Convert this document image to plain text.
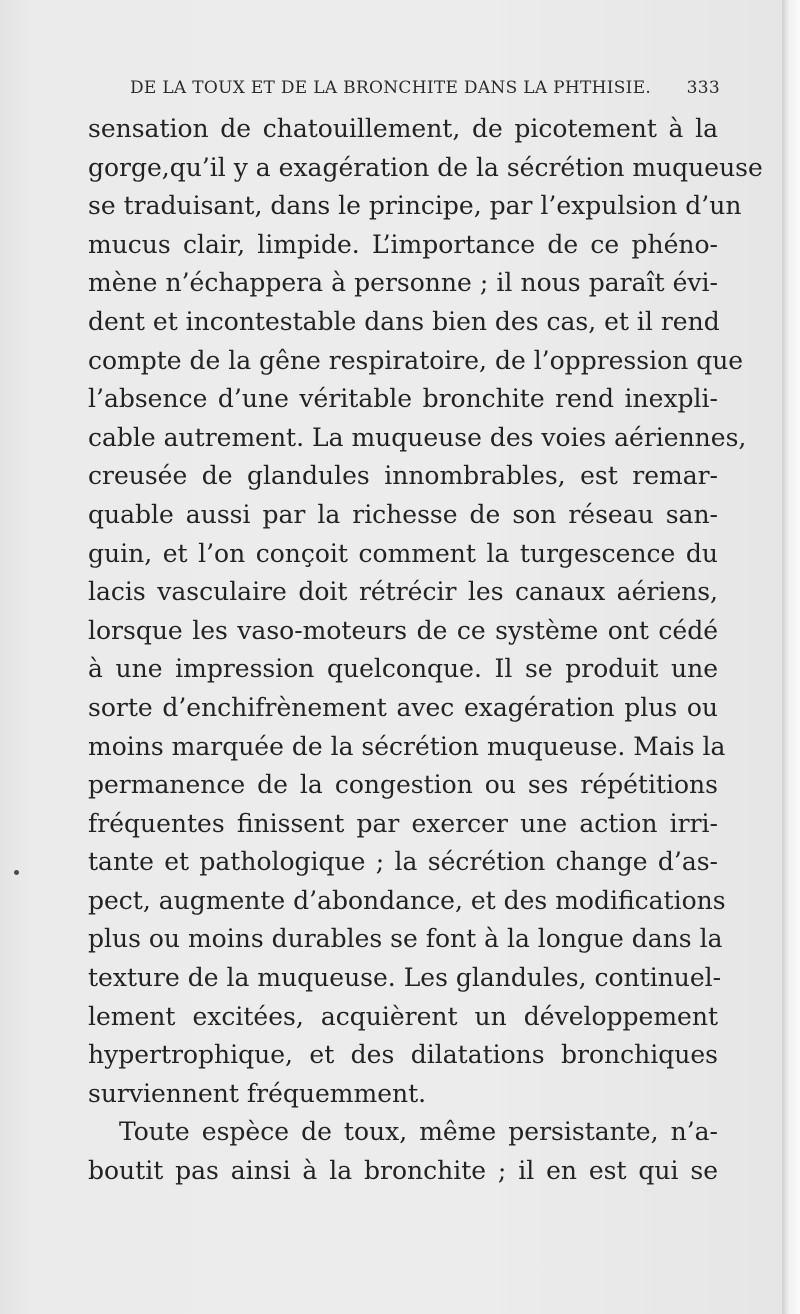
DE LA TOUX ET DE LA BRONCHITE DANS LA PHTHISIE. 333

sensation de chatouillement, de picotement à la
gorge,qu’il y a exagération de la sécrétion muqueuse
se traduisant, dans le principe, par l’expulsion d’un
mucus clair, limpide. L’importance de ce phéno-
mène n’échappera à personne ; il nous paraît évi-
dent et incontestable dans bien des cas, et il rend
compte de la gêne respiratoire, de l’oppression que
l’absence d’une véritable bronchite rend inexpli-
cable autrement. La muqueuse des voies aériennes,
creusée de glandules innombrables, est remar-
quable aussi par la richesse de son réseau san-
guin, et l’on conçoit comment la turgescence du
lacis vasculaire doit rétrécir les canaux aériens,
lorsque les vaso-moteurs de ce système ont cédé
à une impression quelconque. Il se produit une
sorte d’enchifrènement avec exagération plus ou
moins marquée de la sécrétion muqueuse. Mais la
permanence de la congestion ou ses répétitions
fréquentes finissent par exercer une action irri-
tante et pathologique ; la sécrétion change d’as-
pect, augmente d’abondance, et des modifications
plus ou moins durables se font à la longue dans la
texture de la muqueuse. Les glandules, continuel-
lement excitées, acquièrent un développement
hypertrophique, et des dilatations bronchiques
surviennent fréquemment.

Toute espèce de toux, même persistante, n’a-
boutit pas ainsi à la bronchite ; il en est qui se
